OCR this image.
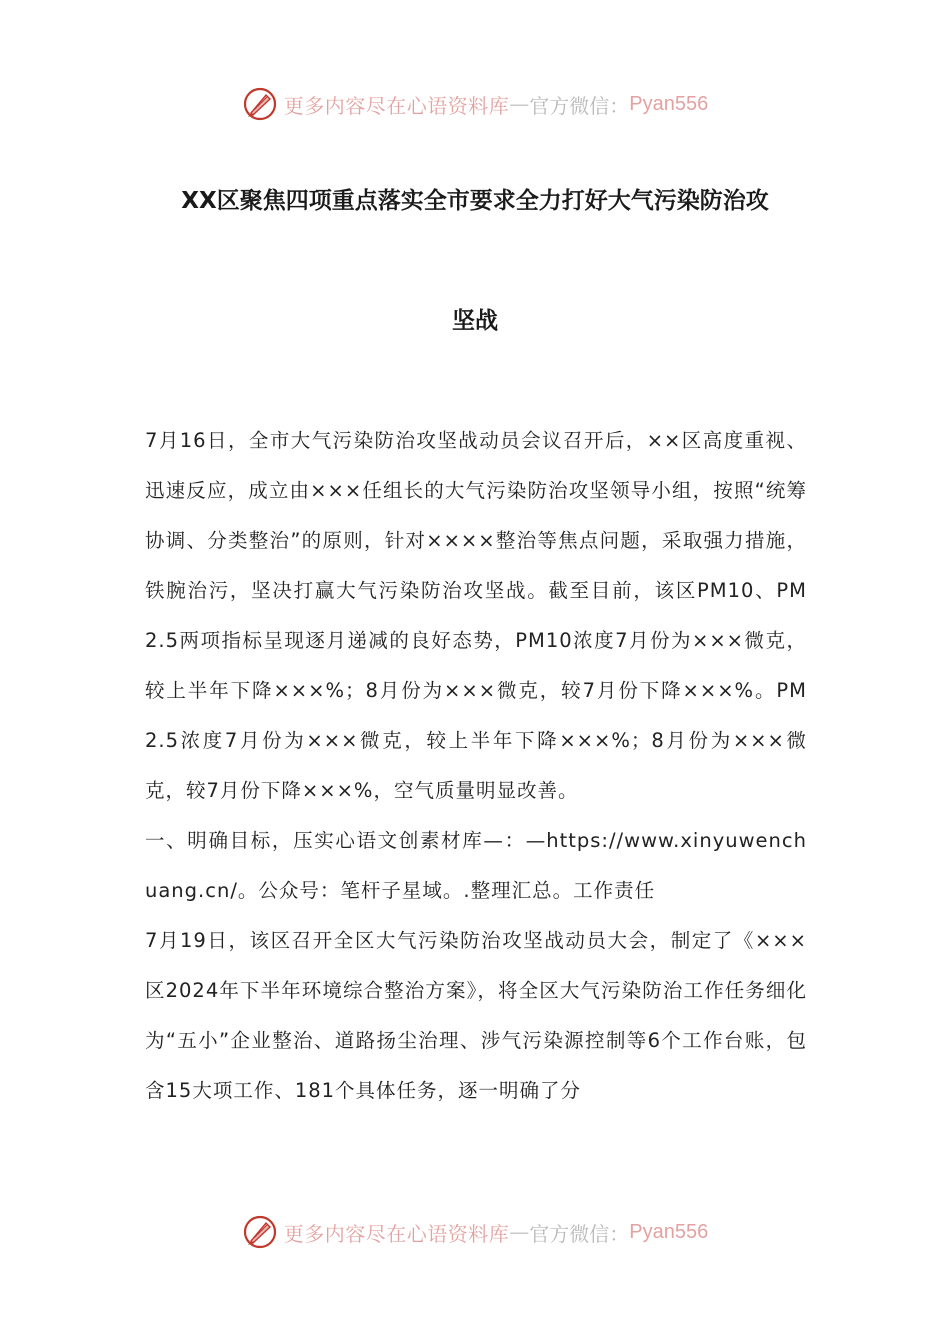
更多内容尽在心语资料库 — 官方微信： Pyan556
XX区聚焦四项重点落实全市要求全力打好大气污染防治攻
坚战

7月16日，全市大气污染防治攻坚战动员会议召开后，××区高度重视、迅速反应，成立由×××任组长的大气污染防治攻坚领导小组，按照“统筹协调、分类整治”的原则，针对××××整治等焦点问题，采取强力措施，铁腕治污，坚决打赢大气污染防治攻坚战。截至目前，该区PM10、PM2.5两项指标呈现逐月递减的良好态势，PM10浓度7月份为×××微克，较上半年下降×××%；8月份为×××微克，较7月份下降×××%。PM2.5浓度7月份为×××微克，较上半年下降×××%；8月份为×××微克，较7月份下降×××%，空气质量明显改善。

一、明确目标，压实心语文创素材库—：—https://www.xinyuwenchuang.cn/。公众号：笔杆子星域。.整理汇总。工作责任

7月19日，该区召开全区大气污染防治攻坚战动员大会，制定了《×××区2024年下半年环境综合整治方案》，将全区大气污染防治工作任务细化为“五小”企业整治、道路扬尘治理、涉气污染源控制等6个工作台账，包含15大项工作、181个具体任务，逐一明确了分

更多内容尽在心语资料库 — 官方微信： Pyan556
